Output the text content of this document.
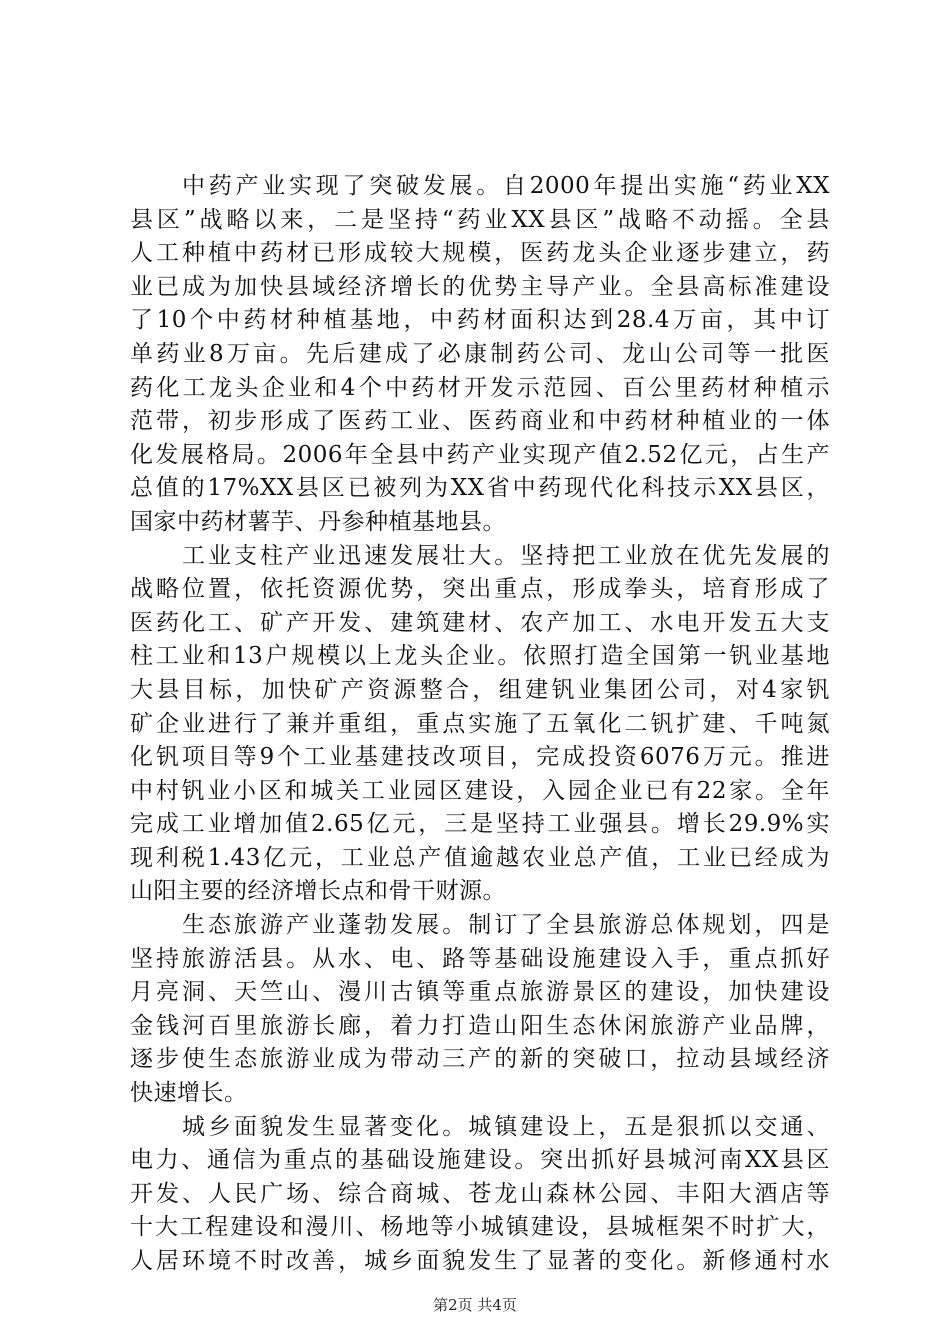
中药产业实现了突破发展。自2000年提出实施“药业XX
县区”战略以来，二是坚持“药业XX县区”战略不动摇。全县
人工种植中药材已形成较大规模，医药龙头企业逐步建立，药
业已成为加快县域经济增长的优势主导产业。全县高标准建设
了10个中药材种植基地，中药材面积达到28.4万亩，其中订
单药业8万亩。先后建成了必康制药公司、龙山公司等一批医
药化工龙头企业和4个中药材开发示范园、百公里药材种植示
范带，初步形成了医药工业、医药商业和中药材种植业的一体
化发展格局。2006年全县中药产业实现产值2.52亿元，占生产
总值的17%XX县区已被列为XX省中药现代化科技示XX县区，
国家中药材薯芋、丹参种植基地县。
工业支柱产业迅速发展壮大。坚持把工业放在优先发展的
战略位置，依托资源优势，突出重点，形成拳头，培育形成了
医药化工、矿产开发、建筑建材、农产加工、水电开发五大支
柱工业和13户规模以上龙头企业。依照打造全国第一钒业基地
大县目标，加快矿产资源整合，组建钒业集团公司，对4家钒
矿企业进行了兼并重组，重点实施了五氧化二钒扩建、千吨氮
化钒项目等9个工业基建技改项目，完成投资6076万元。推进
中村钒业小区和城关工业园区建设，入园企业已有22家。全年
完成工业增加值2.65亿元，三是坚持工业强县。增长29.9%实
现利税1.43亿元，工业总产值逾越农业总产值，工业已经成为
山阳主要的经济增长点和骨干财源。
生态旅游产业蓬勃发展。制订了全县旅游总体规划，四是
坚持旅游活县。从水、电、路等基础设施建设入手，重点抓好
月亮洞、天竺山、漫川古镇等重点旅游景区的建设，加快建设
金钱河百里旅游长廊，着力打造山阳生态休闲旅游产业品牌，
逐步使生态旅游业成为带动三产的新的突破口，拉动县域经济
快速增长。
城乡面貌发生显著变化。城镇建设上，五是狠抓以交通、
电力、通信为重点的基础设施建设。突出抓好县城河南XX县区
开发、人民广场、综合商城、苍龙山森林公园、丰阳大酒店等
十大工程建设和漫川、杨地等小城镇建设，县城框架不时扩大，
人居环境不时改善，城乡面貌发生了显著的变化。新修通村水
第2页 共4页
